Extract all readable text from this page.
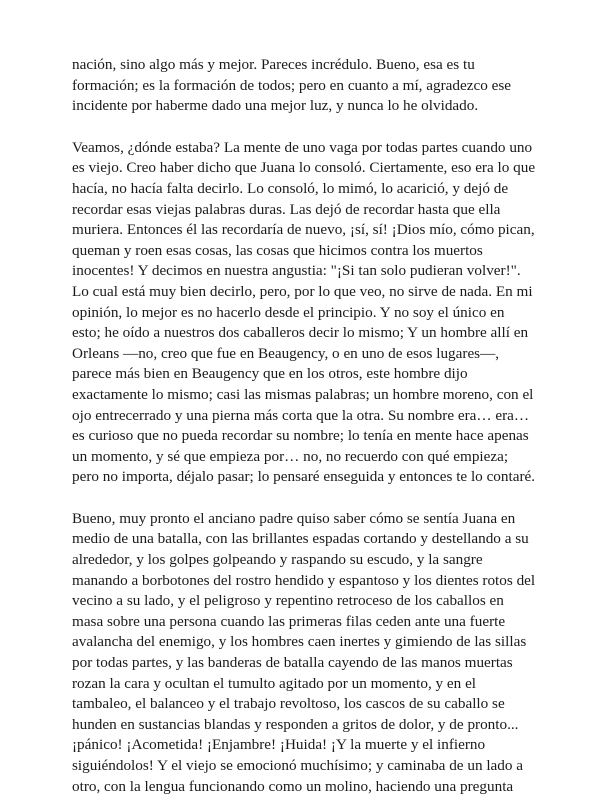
nación, sino algo más y mejor. Pareces incrédulo. Bueno, esa es tu
formación; es la formación de todos; pero en cuanto a mí, agradezco ese
incidente por haberme dado una mejor luz, y nunca lo he olvidado.
Veamos, ¿dónde estaba? La mente de uno vaga por todas partes cuando uno
es viejo. Creo haber dicho que Juana lo consoló. Ciertamente, eso era lo que
hacía, no hacía falta decirlo. Lo consoló, lo mimó, lo acarició, y dejó de
recordar esas viejas palabras duras. Las dejó de recordar hasta que ella
muriera. Entonces él las recordaría de nuevo, ¡sí, sí! ¡Dios mío, cómo pican,
queman y roen esas cosas, las cosas que hicimos contra los muertos
inocentes! Y decimos en nuestra angustia: "¡Si tan solo pudieran volver!".
Lo cual está muy bien decirlo, pero, por lo que veo, no sirve de nada. En mi
opinión, lo mejor es no hacerlo desde el principio. Y no soy el único en
esto; he oído a nuestros dos caballeros decir lo mismo; Y un hombre allí en
Orleans —no, creo que fue en Beaugency, o en uno de esos lugares—,
parece más bien en Beaugency que en los otros, este hombre dijo
exactamente lo mismo; casi las mismas palabras; un hombre moreno, con el
ojo entrecerrado y una pierna más corta que la otra. Su nombre era… era…
es curioso que no pueda recordar su nombre; lo tenía en mente hace apenas
un momento, y sé que empieza por… no, no recuerdo con qué empieza;
pero no importa, déjalo pasar; lo pensaré enseguida y entonces te lo contaré.
Bueno, muy pronto el anciano padre quiso saber cómo se sentía Juana en
medio de una batalla, con las brillantes espadas cortando y destellando a su
alrededor, y los golpes golpeando y raspando su escudo, y la sangre
manando a borbotones del rostro hendido y espantoso y los dientes rotos del
vecino a su lado, y el peligroso y repentino retroceso de los caballos en
masa sobre una persona cuando las primeras filas ceden ante una fuerte
avalancha del enemigo, y los hombres caen inertes y gimiendo de las sillas
por todas partes, y las banderas de batalla cayendo de las manos muertas
rozan la cara y ocultan el tumulto agitado por un momento, y en el
tambaleo, el balanceo y el trabajo revoltoso, los cascos de su caballo se
hunden en sustancias blandas y responden a gritos de dolor, y de pronto...
¡pánico! ¡Acometida! ¡Enjambre! ¡Huida! ¡Y la muerte y el infierno
siguiéndolos! Y el viejo se emocionó muchísimo; y caminaba de un lado a
otro, con la lengua funcionando como un molino, haciendo una pregunta
